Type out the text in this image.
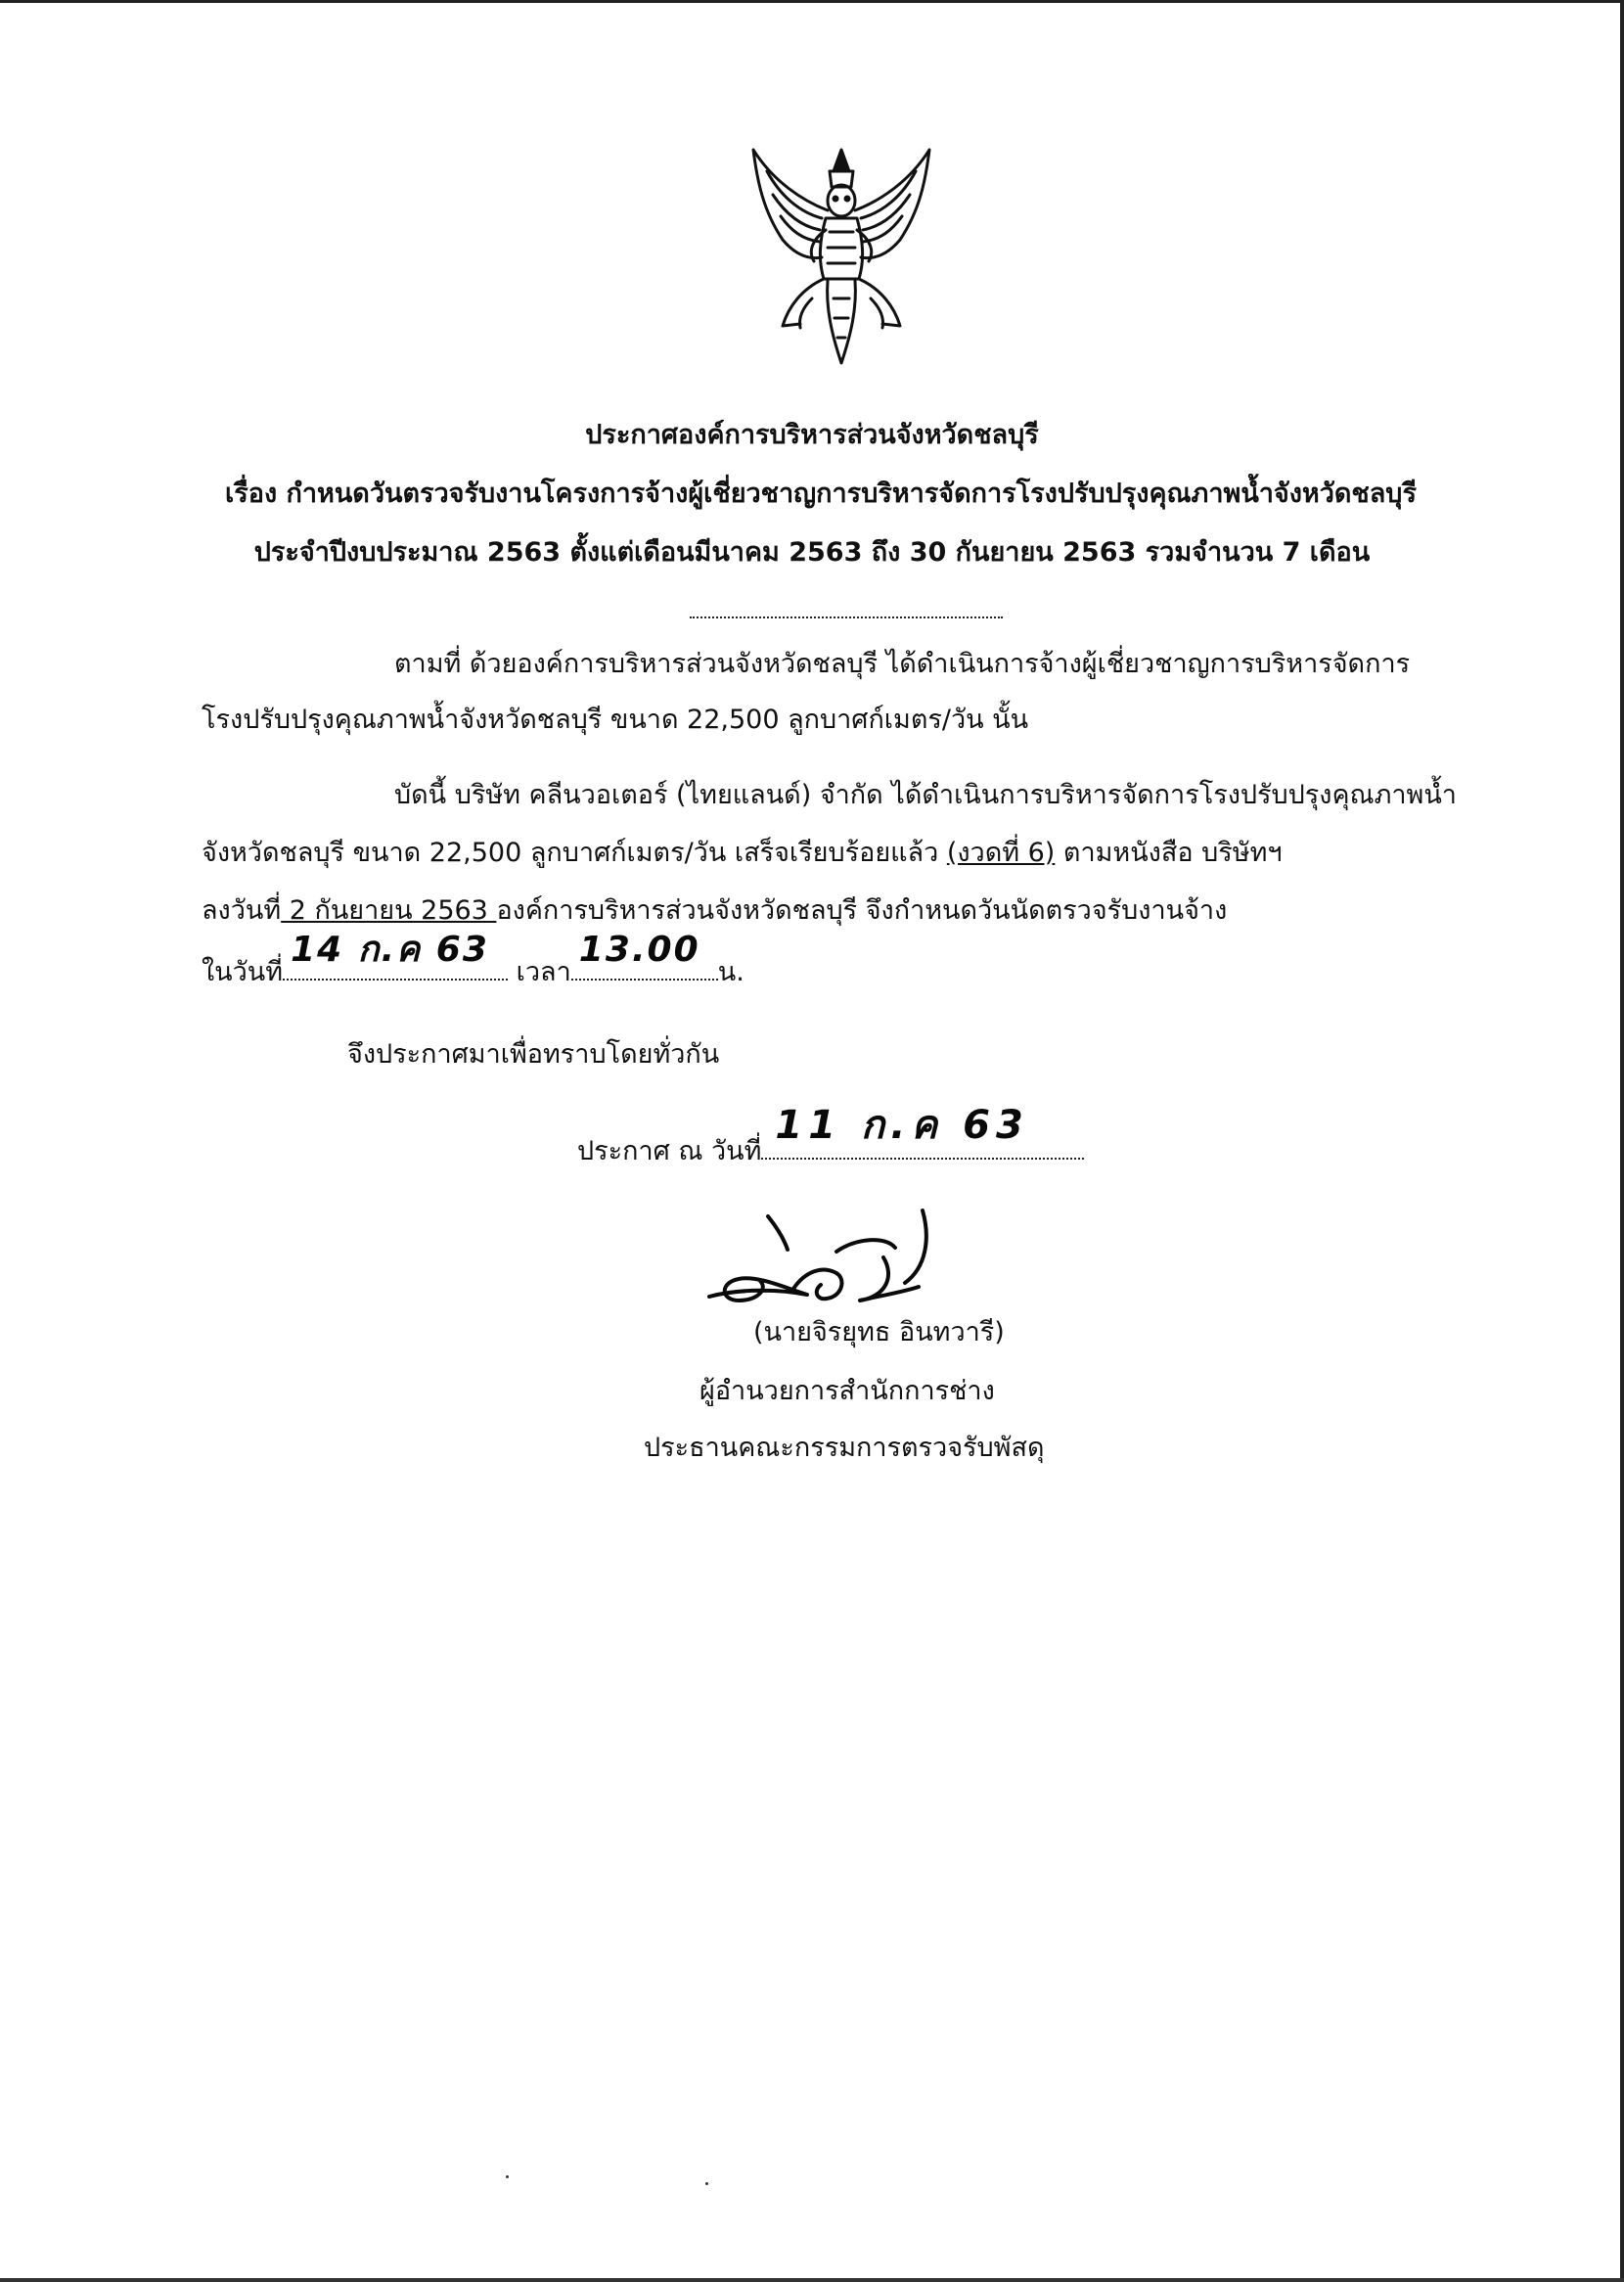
ประกาศองค์การบริหารส่วนจังหวัดชลบุรี
เรื่อง กำหนดวันตรวจรับงานโครงการจ้างผู้เชี่ยวชาญการบริหารจัดการโรงปรับปรุงคุณภาพน้ำจังหวัดชลบุรี
ประจำปีงบประมาณ 2563 ตั้งแต่เดือนมีนาคม 2563 ถึง 30 กันยายน 2563 รวมจำนวน 7 เดือน
ตามที่ ด้วยองค์การบริหารส่วนจังหวัดชลบุรี ได้ดำเนินการจ้างผู้เชี่ยวชาญการบริหารจัดการ
โรงปรับปรุงคุณภาพน้ำจังหวัดชลบุรี ขนาด 22,500 ลูกบาศก์เมตร/วัน นั้น
บัดนี้ บริษัท คลีนวอเตอร์ (ไทยแลนด์) จำกัด ได้ดำเนินการบริหารจัดการโรงปรับปรุงคุณภาพน้ำ
จังหวัดชลบุรี ขนาด 22,500 ลูกบาศก์เมตร/วัน เสร็จเรียบร้อยแล้ว (งวดที่ 6) ตามหนังสือ บริษัทฯ
ลงวันที่ 2 กันยายน 2563 องค์การบริหารส่วนจังหวัดชลบุรี จึงกำหนดวันนัดตรวจรับงานจ้าง
ในวันที่
14 ก.ค 63
เวลา
13.00
น.
จึงประกาศมาเพื่อทราบโดยทั่วกัน
ประกาศ ณ วันที่
11 ก.ค 63
(นายจิรยุทธ อินทวารี)
ผู้อำนวยการสำนักการช่าง
ประธานคณะกรรมการตรวจรับพัสดุ
